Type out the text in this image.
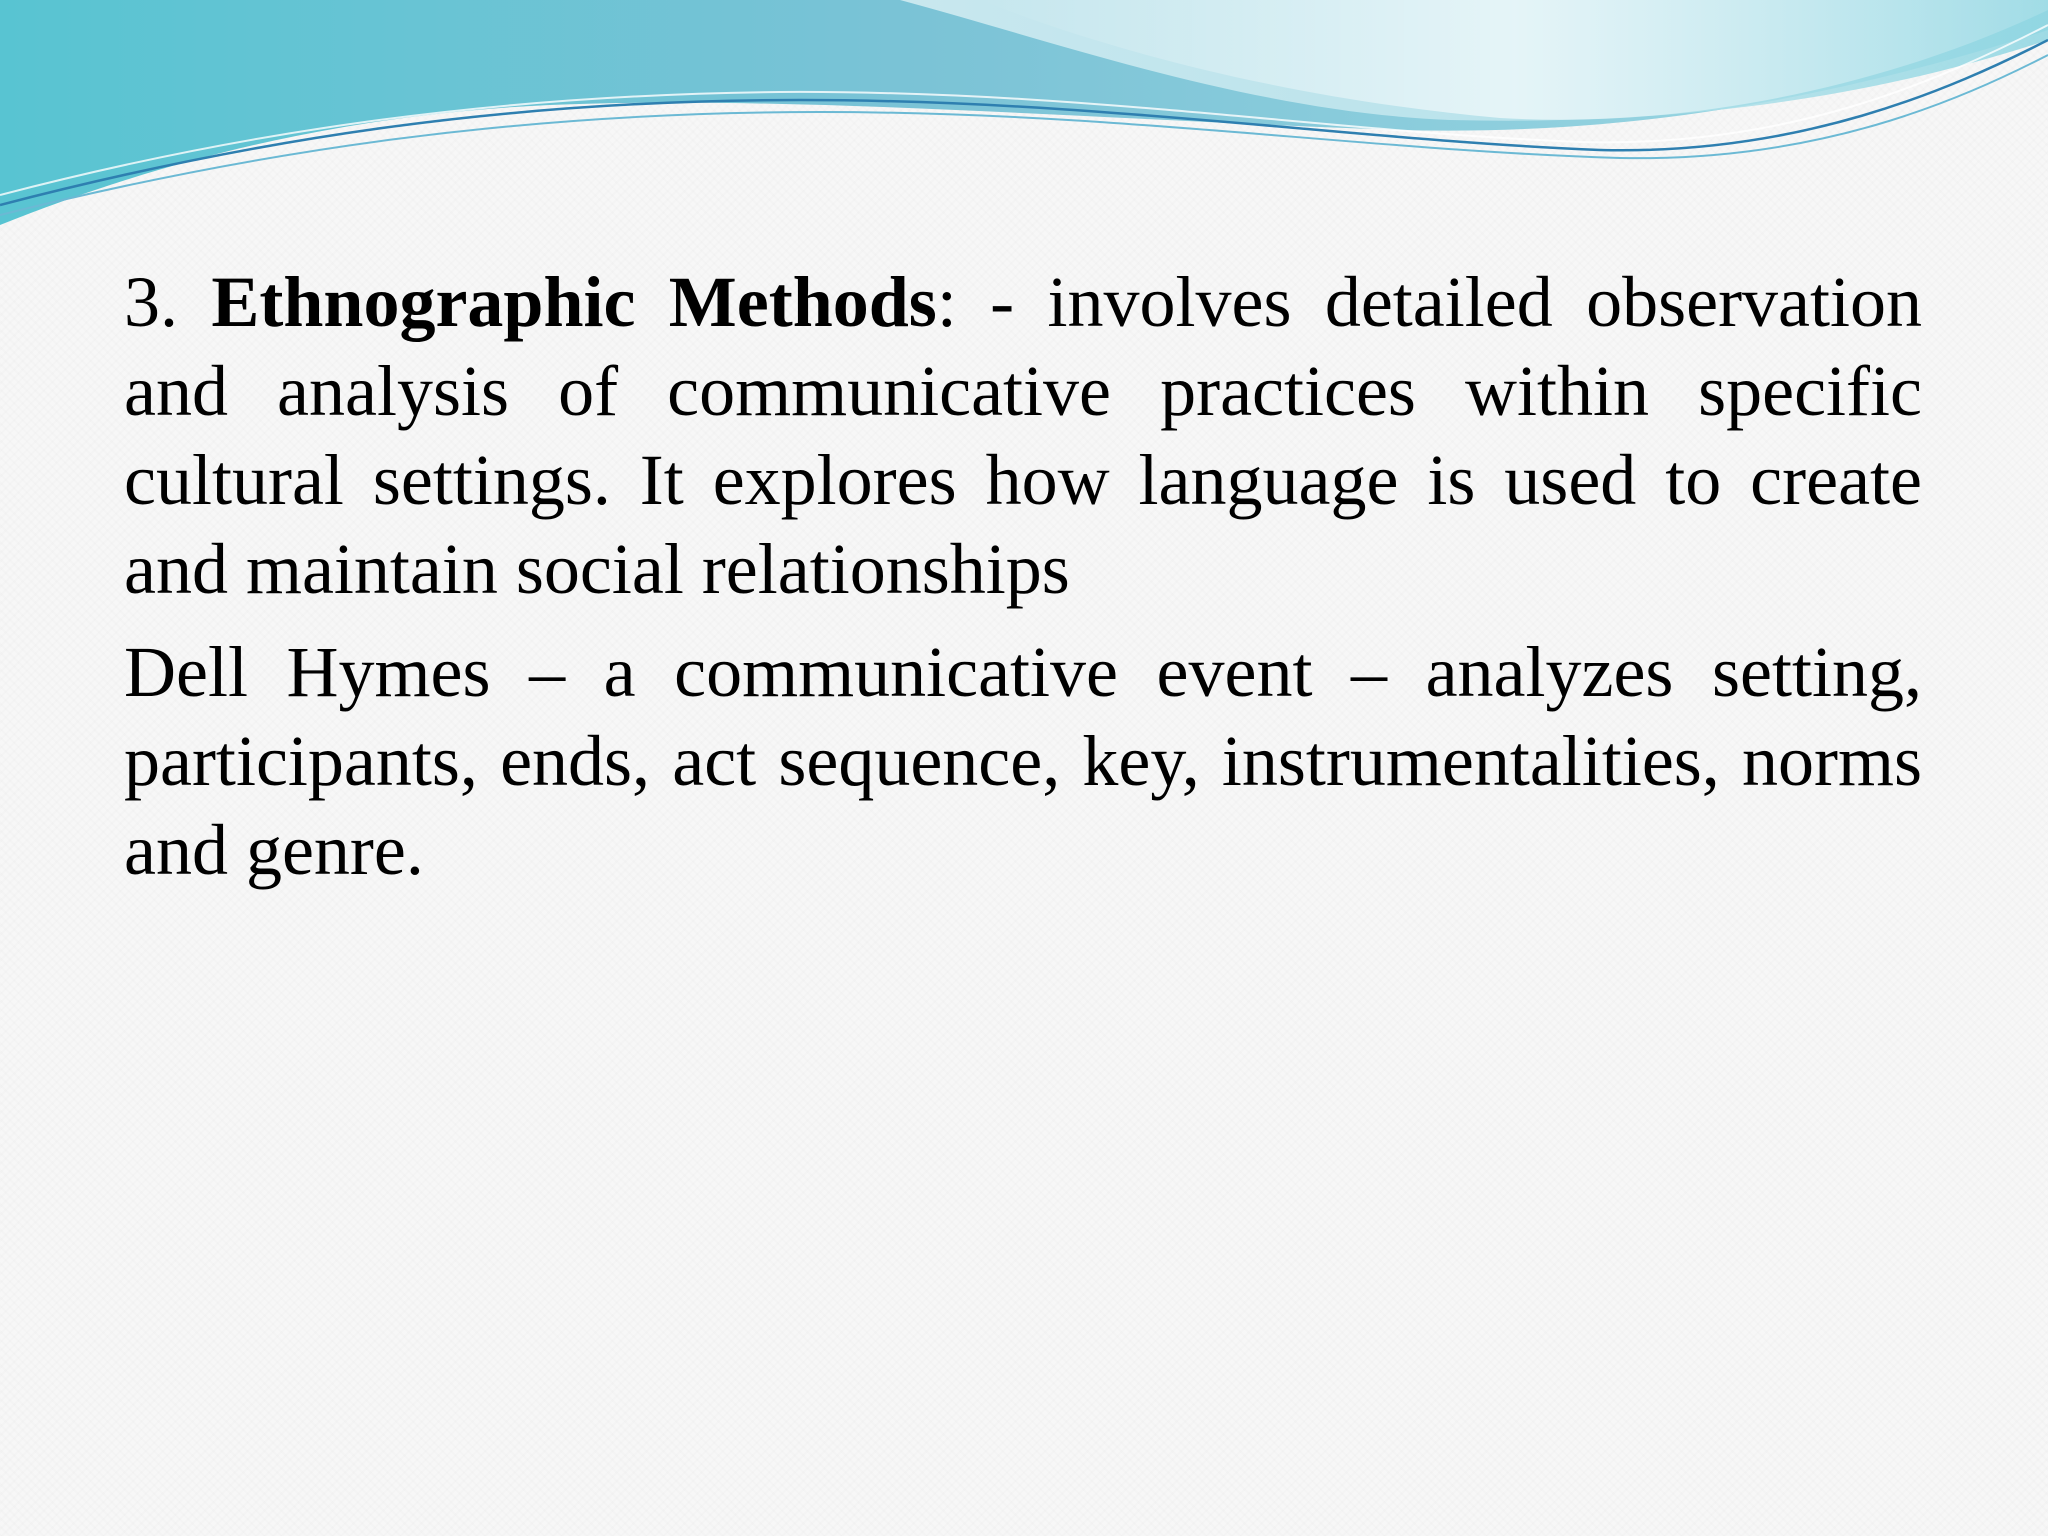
3. Ethnographic Methods: - involves detailed observation and analysis of communicative practices within specific cultural settings. It explores how language is used to create and maintain social relationships

Dell Hymes – a communicative event – analyzes setting, participants, ends, act sequence, key, instrumentalities, norms and genre.
